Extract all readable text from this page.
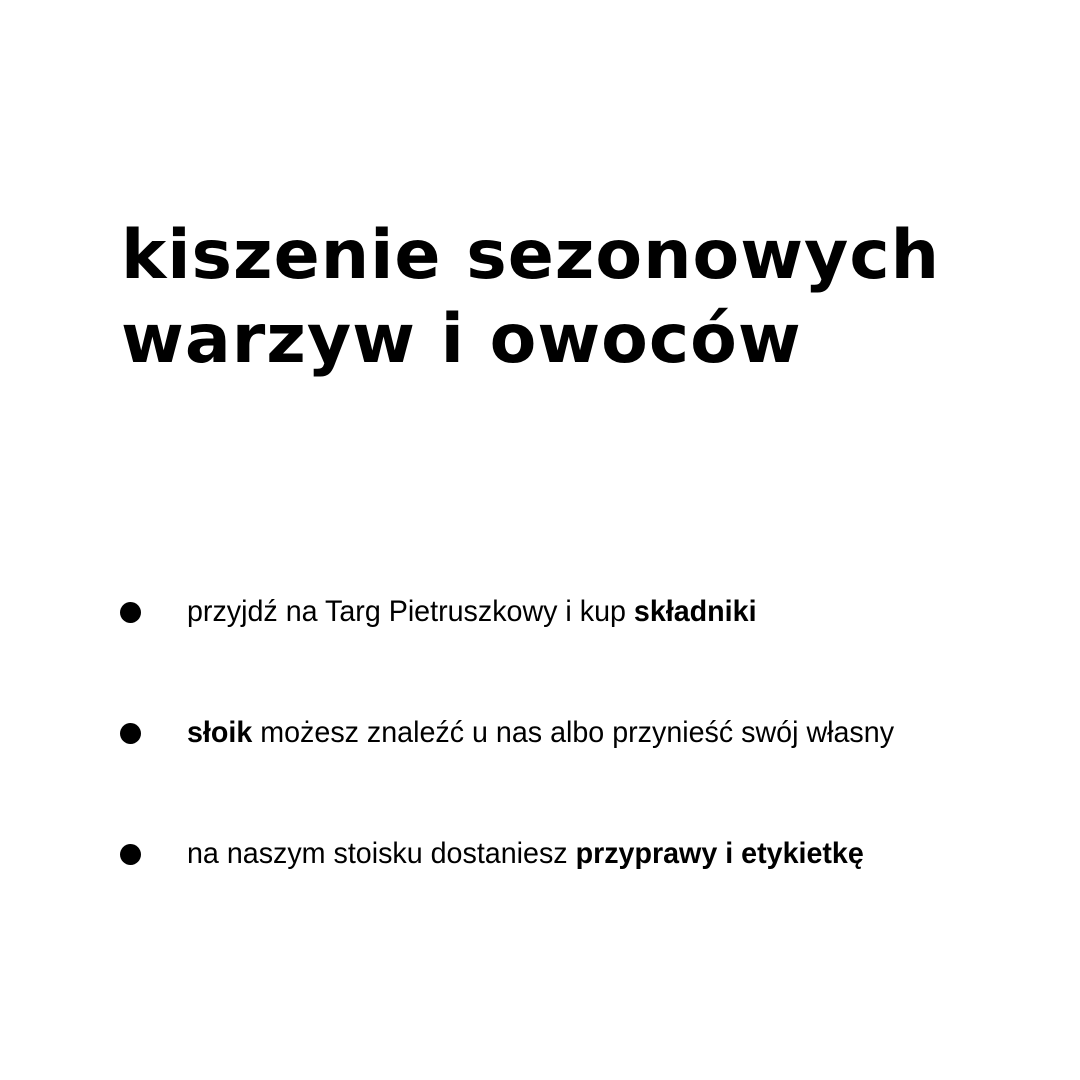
kiszenie sezonowych
warzyw i owoców
przyjdź na Targ Pietruszkowy i kup składniki
słoik możesz znaleźć u nas albo przynieść swój własny
na naszym stoisku dostaniesz przyprawy i etykietkę
